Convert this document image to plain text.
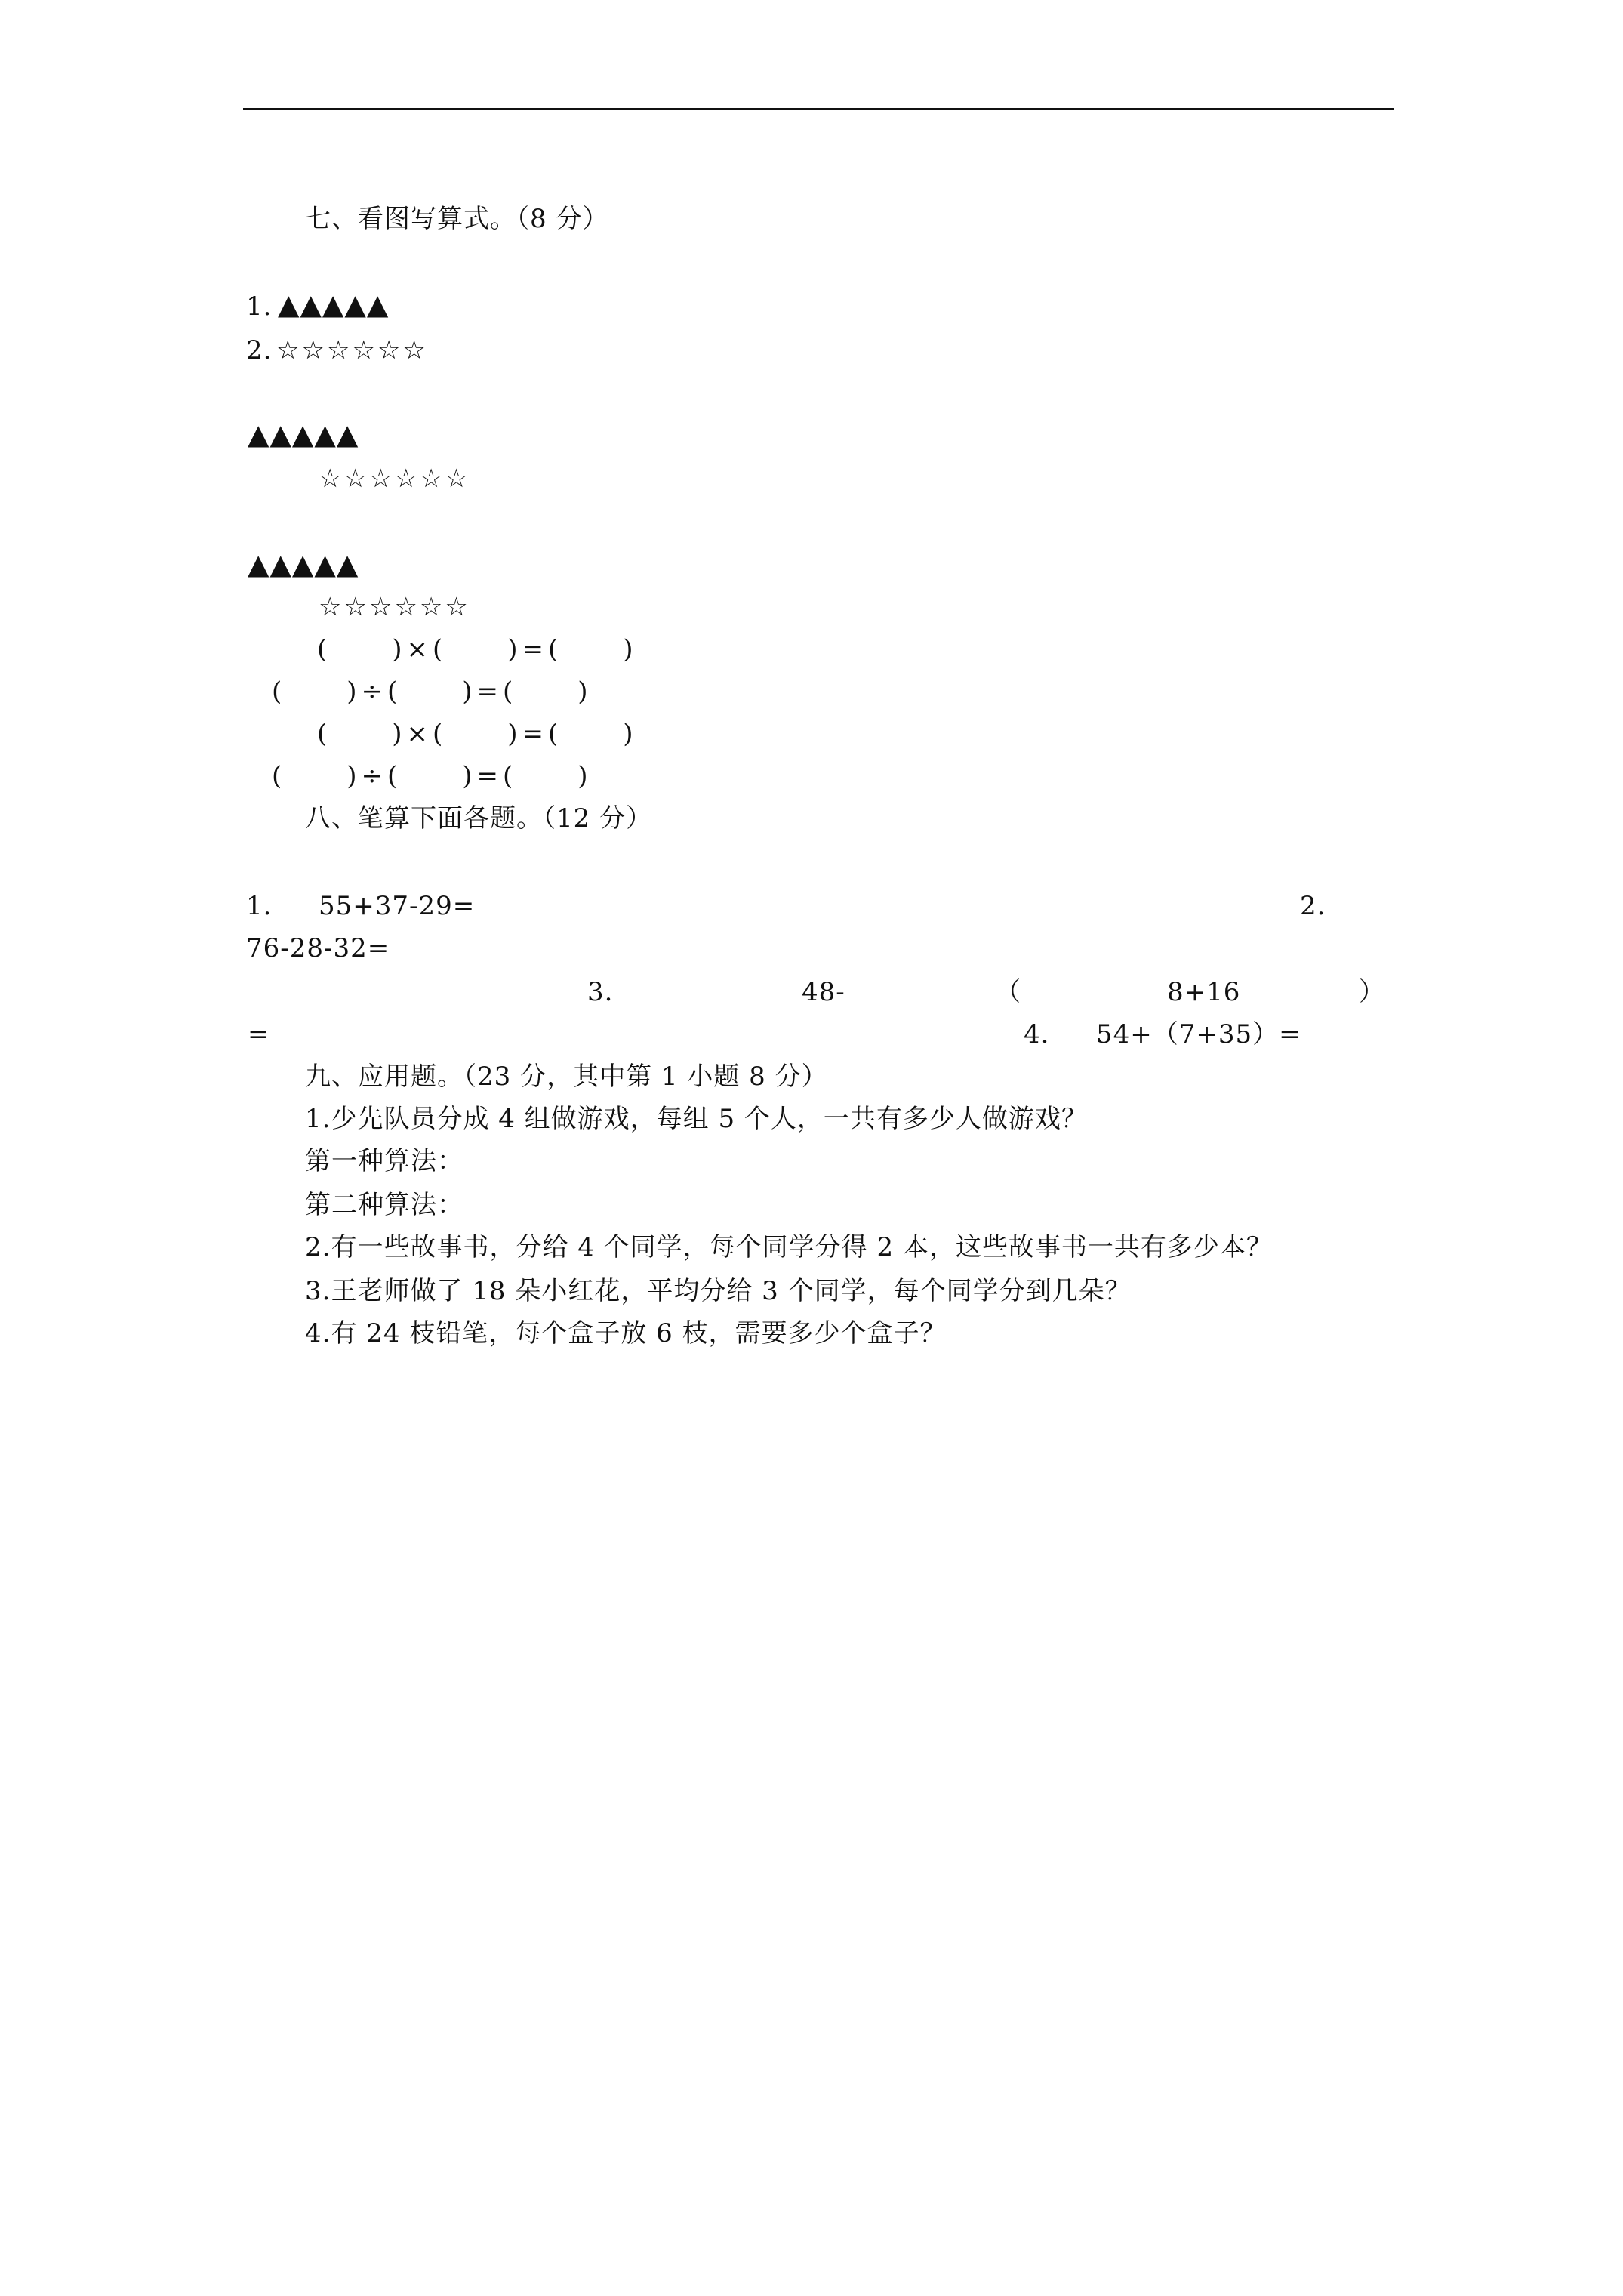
七、看图写算式。（8 分）
1. ▲▲▲▲▲
2. ☆☆☆☆☆☆
▲▲▲▲▲
☆☆☆☆☆☆
▲▲▲▲▲
☆☆☆☆☆☆
(　　)×(　　)=(　　)
(　　)÷(　　)=(　　)
(　　)×(　　)=(　　)
(　　)÷(　　)=(　　)
八、笔算下面各题。（12 分）
1. 55+37-29=	2.
76-28-32=
3.	48-	（	8+16	）
=	4. 54+（7+35）=
九、应用题。（23 分，其中第 1 小题 8 分）
1.少先队员分成 4 组做游戏，每组 5 个人，一共有多少人做游戏？
第一种算法：
第二种算法：
2.有一些故事书，分给 4 个同学，每个同学分得 2 本，这些故事书一共有多少本？
3.王老师做了 18 朵小红花，平均分给 3 个同学，每个同学分到几朵？
4.有 24 枝铅笔，每个盒子放 6 枝，需要多少个盒子？
